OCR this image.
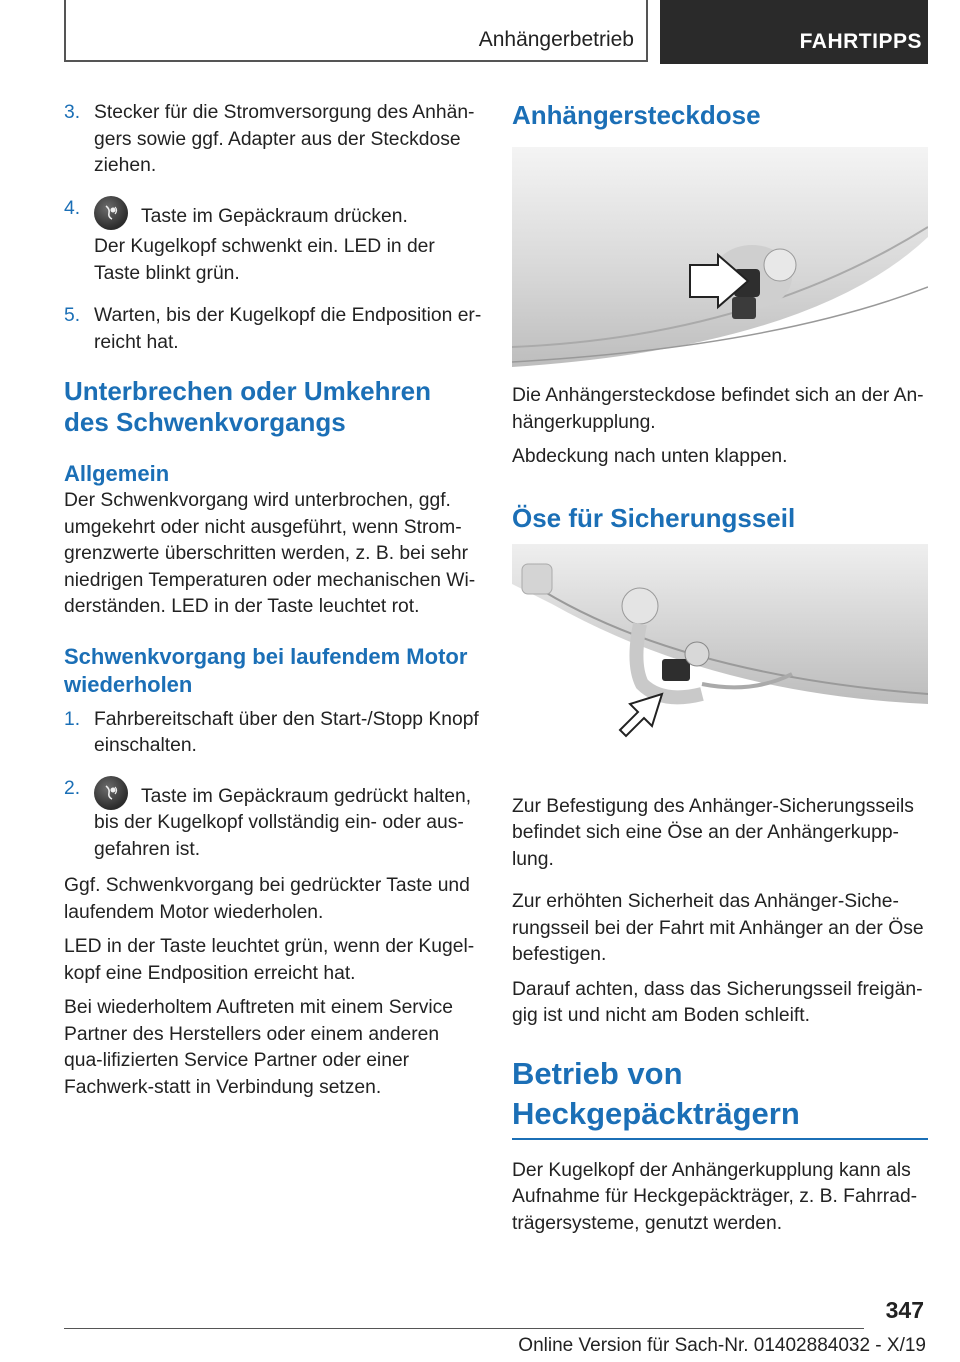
Anhängerbetrieb	FAHRTIPPS
3. Stecker für die Stromversorgung des Anhän-gers sowie ggf. Adapter aus der Steckdose ziehen.
4.	Taste im Gepäckraum drücken.
Der Kugelkopf schwenkt ein. LED in der Taste blinkt grün.
5. Warten, bis der Kugelkopf die Endposition er-reicht hat.
Unterbrechen oder Umkehren des Schwenkvorgangs
Allgemein

Der Schwenkvorgang wird unterbrochen, ggf. umgekehrt oder nicht ausgeführt, wenn Strom-grenzwerte überschritten werden, z. B. bei sehr niedrigen Temperaturen oder mechanischen Wi-derständen. LED in der Taste leuchtet rot.

Schwenkvorgang bei laufendem Motor wiederholen
1. Fahrbereitschaft über den Start-/Stopp Knopf einschalten.
2.	Taste im Gepäckraum gedrückt halten, bis der Kugelkopf vollständig ein- oder aus-gefahren ist.

Ggf. Schwenkvorgang bei gedrückter Taste und laufendem Motor wiederholen.

LED in der Taste leuchtet grün, wenn der Kugel-kopf eine Endposition erreicht hat.

Bei wiederholtem Auftreten mit einem Service Partner des Herstellers oder einem anderen qua-lifizierten Service Partner oder einer Fachwerk-statt in Verbindung setzen.

Anhängersteckdose

Die Anhängersteckdose befindet sich an der An-hängerkupplung.

Abdeckung nach unten klappen.

Öse für Sicherungsseil

Zur Befestigung des Anhänger-Sicherungsseils befindet sich eine Öse an der Anhängerkupp-lung.

Zur erhöhten Sicherheit das Anhänger-Siche-rungsseil bei der Fahrt mit Anhänger an der Öse befestigen.

Darauf achten, dass das Sicherungsseil freigän-gig ist und nicht am Boden schleift.

Betrieb von Heckgepäckträgern

Der Kugelkopf der Anhängerkupplung kann als Aufnahme für Heckgepäckträger, z. B. Fahrrad-trägersysteme, genutzt werden.

347
Online Version für Sach-Nr. 01402884032 - X/19
